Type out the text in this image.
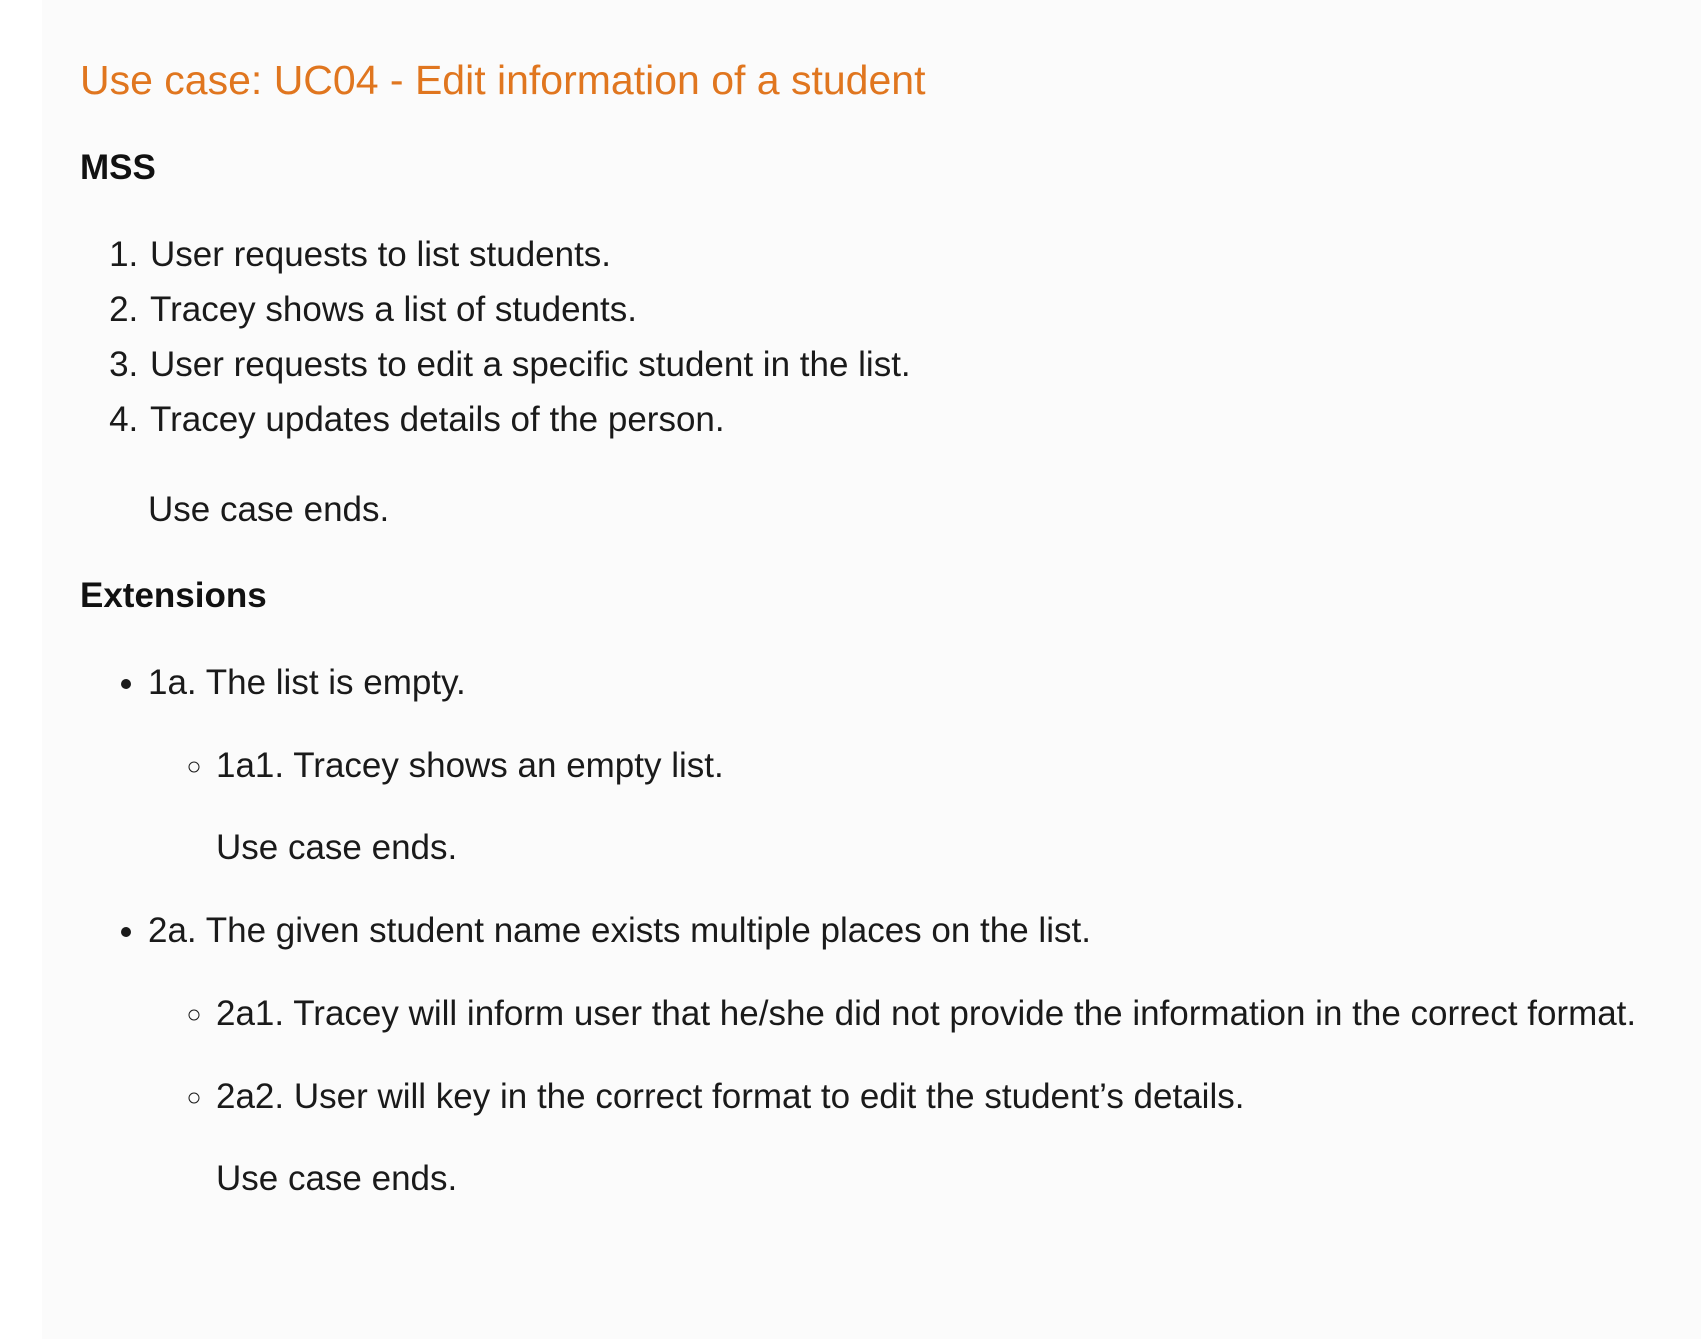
Use case: UC04 - Edit information of a student
MSS
1. User requests to list students.
2. Tracey shows a list of students.
3. User requests to edit a specific student in the list.
4. Tracey updates details of the person.

Use case ends.

Extensions
• 1a. The list is empty.
◦ 1a1. Tracey shows an empty list.

Use case ends.

• 2a. The given student name exists multiple places on the list.
◦ 2a1. Tracey will inform user that he/she did not provide the information in the correct format.
◦ 2a2. User will key in the correct format to edit the student’s details.

Use case ends.
